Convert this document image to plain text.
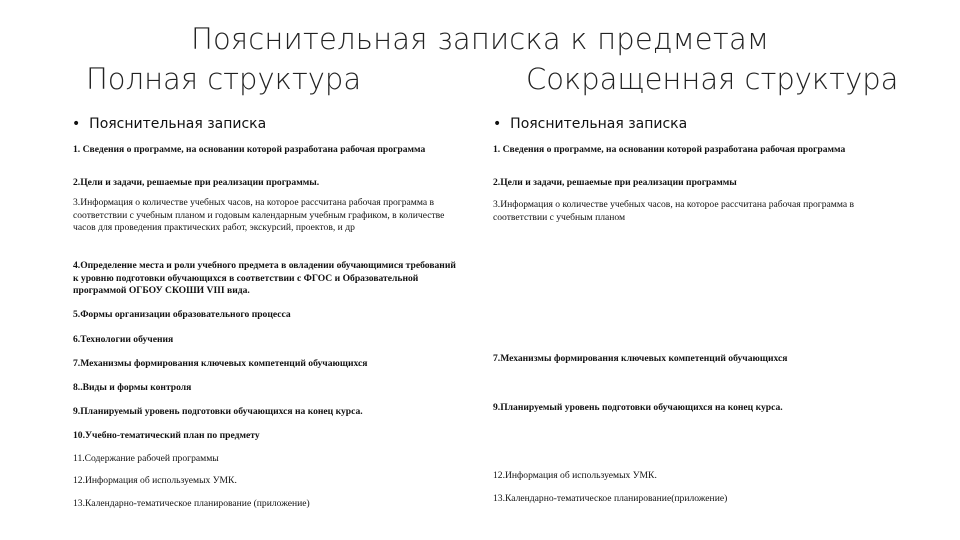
Пояснительная записка к предметам
Полная структура	Сокращенная структура
•  Пояснительная записка	•  Пояснительная записка
1. Сведения о программе, на основании которой разработана рабочая программа
2.Цели и задачи, решаемые при реализации программы.
3.Информация о количестве учебных часов, на которое рассчитана рабочая программа в соответствии с учебным планом и годовым календарным учебным графиком, в количестве часов для проведения практических работ, экскурсий, проектов, и др
4.Определение места и роли учебного предмета в овладении обучающимися требований к уровню подготовки обучающихся в соответствии с ФГОС и Образовательной программой ОГБОУ СКОШИ VIII вида.
5.Формы организации образовательного процесса
6.Технологии обучения
7.Механизмы формирования ключевых компетенций обучающихся
8..Виды и формы контроля
9.Планируемый уровень подготовки обучающихся на конец курса.
10.Учебно-тематический план по предмету
11.Содержание рабочей программы
12.Информация об используемых УМК.
13.Календарно-тематическое планирование (приложение)
1. Сведения о программе, на основании которой разработана рабочая программа
2.Цели и задачи, решаемые при реализации программы
3.Информация о количестве учебных часов, на которое рассчитана рабочая программа в соответствии с учебным планом
7.Механизмы формирования ключевых компетенций обучающихся
9.Планируемый уровень подготовки обучающихся на конец курса.
12.Информация об используемых УМК.
13.Календарно-тематическое планирование(приложение)
